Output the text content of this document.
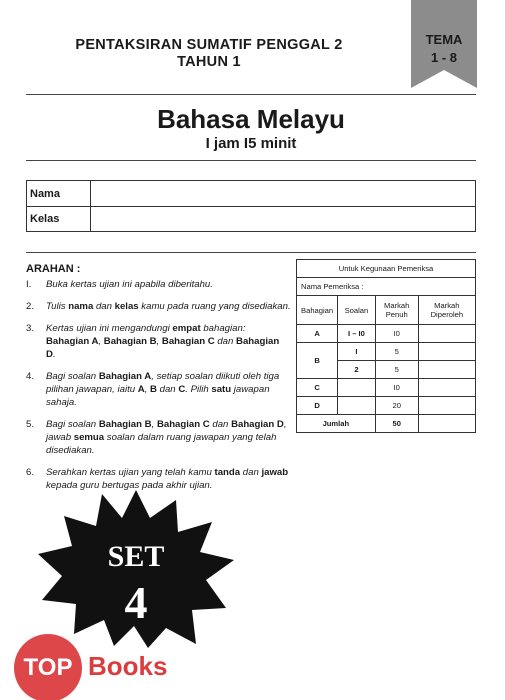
PENTAKSIRAN SUMATIF PENGGAL 2
TAHUN 1
TEMA
1 - 8
Bahasa Melayu
I jam I5 minit
Nama
Kelas
ARAHAN :
I. Buka kertas ujian ini apabila diberitahu.
2. Tulis nama dan kelas kamu pada ruang yang disediakan.
3. Kertas ujian ini mengandungi empat bahagian: Bahagian A, Bahagian B, Bahagian C dan Bahagian D.
4. Bagi soalan Bahagian A, setiap soalan diikuti oleh tiga pilihan jawapan, iaitu A, B dan C. Pilih satu jawapan sahaja.
5. Bagi soalan Bahagian B, Bahagian C dan Bahagian D, jawab semua soalan dalam ruang jawapan yang telah disediakan.
6. Serahkan kertas ujian yang telah kamu tanda dan jawab kepada guru bertugas pada akhir ujian.
Untuk Kegunaan Pemeriksa			
Nama Pemeriksa :			
Bahagian	Soalan	Markah Penuh	Markah Diperoleh
A	I – I0	I0	
B	I	5	
	2	5	
C		I0	
D		20	
Jumlah		50	
SET
4
TOP Books
